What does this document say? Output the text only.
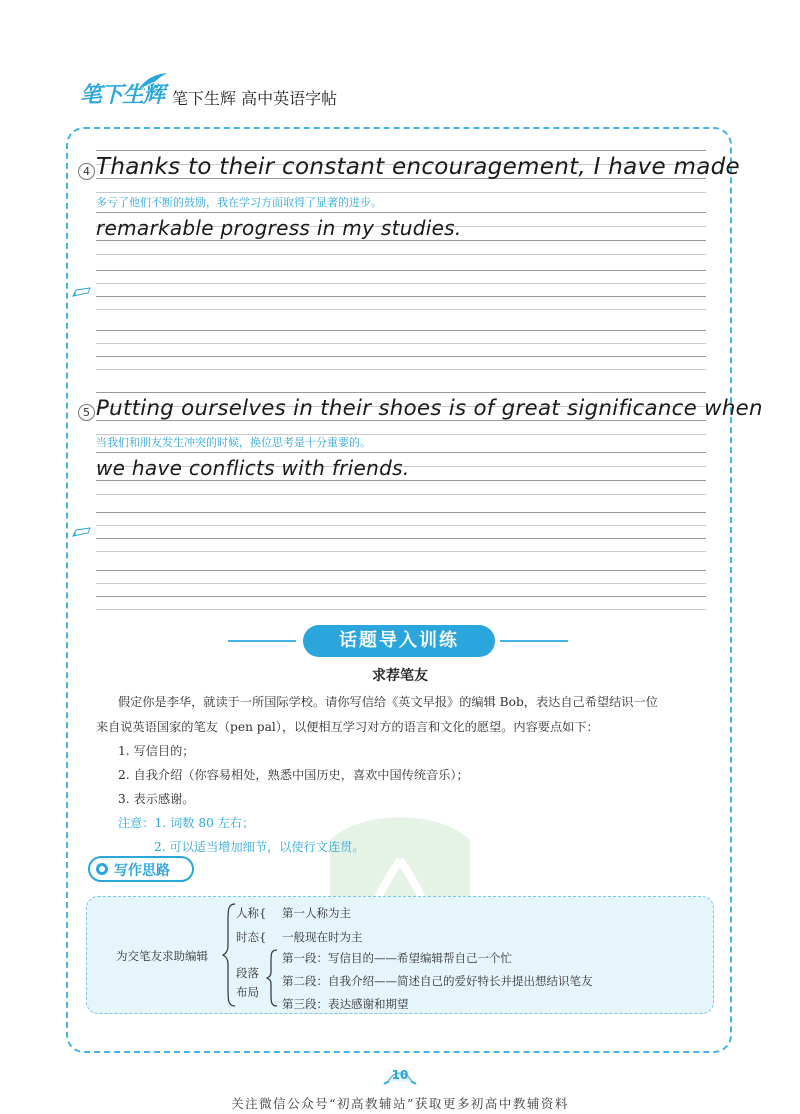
笔下生辉 笔下生辉 高中英语字帖
4 Thanks to their constant encouragement, I have made
多亏了他们不断的鼓励，我在学习方面取得了显著的进步。
remarkable progress in my studies.
5 Putting ourselves in their shoes is of great significance when
当我们和朋友发生冲突的时候，换位思考是十分重要的。
we have conflicts with friends.
话题导入训练
求荐笔友
假定你是李华，就读于一所国际学校。请你写信给《英文早报》的编辑 Bob，表达自己希望结识一位
来自说英语国家的笔友（pen pal），以便相互学习对方的语言和文化的愿望。内容要点如下：
1. 写信目的；
2. 自我介绍（你容易相处，熟悉中国历史，喜欢中国传统音乐）；
3. 表示感谢。
注意：1. 词数 80 左右；
2. 可以适当增加细节，以使行文连贯。
写作思路
为交笔友求助编辑
人称{ 第一人称为主
时态{ 一般现在时为主
段落
布局
第一段：写信目的——希望编辑帮自己一个忙
第二段：自我介绍——简述自己的爱好特长并提出想结识笔友
第三段：表达感谢和期望
10
关注微信公众号“初高教辅站”获取更多初高中教辅资料
